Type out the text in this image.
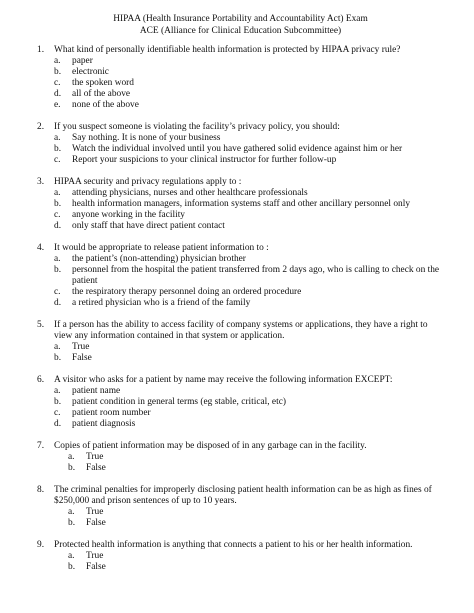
HIPAA (Health Insurance Portability and Accountability Act) Exam
ACE (Alliance for Clinical Education Subcommittee)
1. What kind of personally identifiable health information is protected by HIPAA privacy rule?
a. paper
b. electronic
c. the spoken word
d. all of the above
e. none of the above
2. If you suspect someone is violating the facility’s privacy policy, you should:
a. Say nothing. It is none of your business
b. Watch the individual involved until you have gathered solid evidence against him or her
c. Report your suspicions to your clinical instructor for further follow-up
3. HIPAA security and privacy regulations apply to :
a. attending physicians, nurses and other healthcare professionals
b. health information managers, information systems staff and other ancillary personnel only
c. anyone working in the facility
d. only staff that have direct patient contact
4. It would be appropriate to release patient information to :
a. the patient’s (non-attending) physician brother
b. personnel from the hospital the patient transferred from 2 days ago, who is calling to check on the patient
c. the respiratory therapy personnel doing an ordered procedure
d. a retired physician who is a friend of the family
5. If a person has the ability to access facility of company systems or applications, they have a right to view any information contained in that system or application.
a. True
b. False
6. A visitor who asks for a patient by name may receive the following information EXCEPT:
a. patient name
b. patient condition in general terms (eg stable, critical, etc)
c. patient room number
d. patient diagnosis
7. Copies of patient information may be disposed of in any garbage can in the facility.
a. True
b. False
8. The criminal penalties for improperly disclosing patient health information can be as high as fines of $250,000 and prison sentences of up to 10 years.
a. True
b. False
9. Protected health information is anything that connects a patient to his or her health information.
a. True
b. False
